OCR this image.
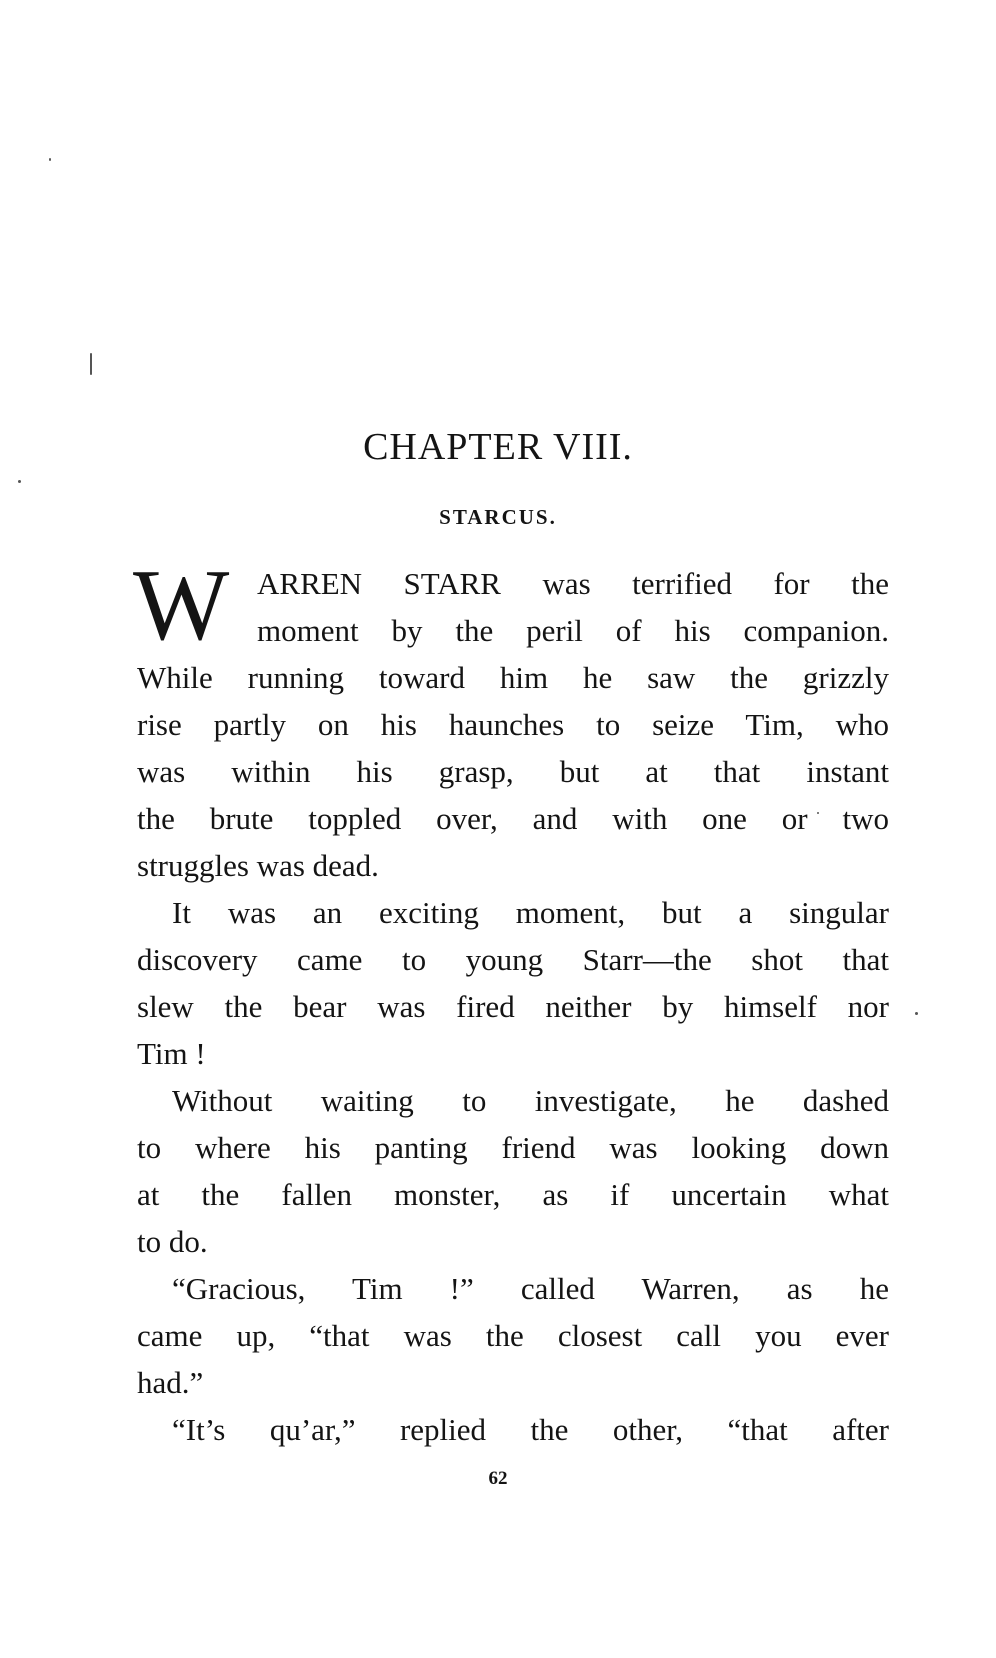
CHAPTER VIII.
STARCUS.
W ARREN STARR was terrified for the
moment by the peril of his companion.
While running toward him he saw the grizzly
rise partly on his haunches to seize Tim, who
was within his grasp, but at that instant
the brute toppled over, and with one or two
struggles was dead.
It was an exciting moment, but a singular
discovery came to young Starr—the shot that
slew the bear was fired neither by himself nor
Tim !
Without waiting to investigate, he dashed
to where his panting friend was looking down
at the fallen monster, as if uncertain what
to do.
“Gracious, Tim !” called Warren, as he
came up, “that was the closest call you ever
had.”
“It’s qu’ar,” replied the other, “that after
62
